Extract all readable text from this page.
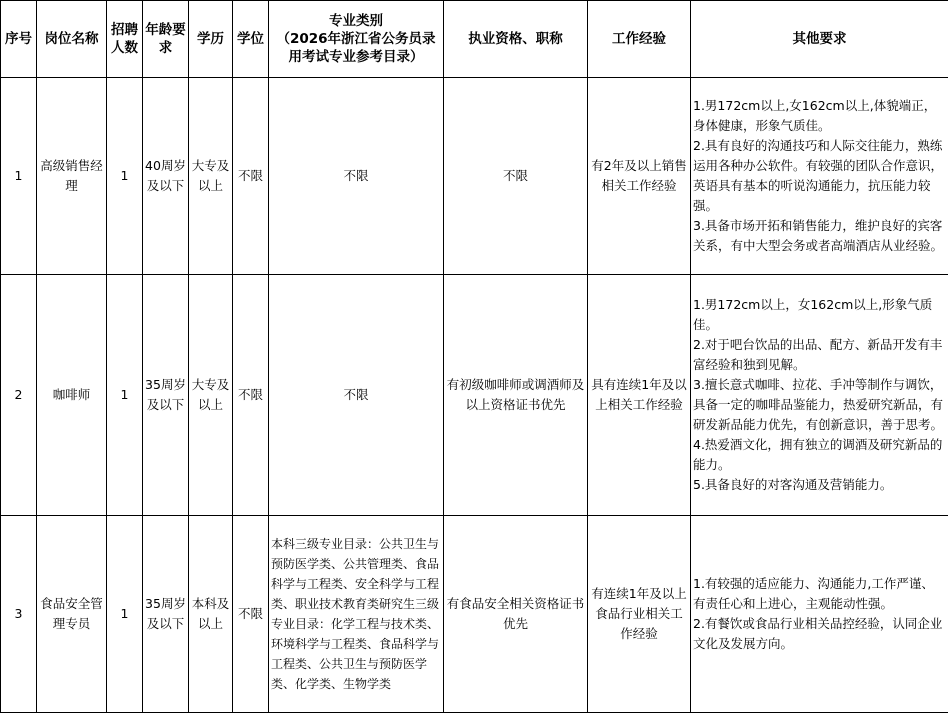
序号	岗位名称	招聘人数	年龄要求	学历	学位	专业类别
（2026年浙江省公务员录用考试专业参考目录）	执业资格、职称	工作经验	其他要求
1	高级销售经理	1	40周岁及以下	大专及以上	不限	不限	不限	有2年及以上销售相关工作经验	1.男172cm以上,女162cm以上,体貌端正，身体健康，形象气质佳。
2.具有良好的沟通技巧和人际交往能力，熟练运用各种办公软件。有较强的团队合作意识，英语具有基本的听说沟通能力，抗压能力较强。
3.具备市场开拓和销售能力，维护良好的宾客关系，有中大型会务或者高端酒店从业经验。

2	咖啡师	1	35周岁及以下	大专及以上	不限	不限	有初级咖啡师或调酒师及以上资格证书优先	具有连续1年及以上相关工作经验	1.男172cm以上，女162cm以上,形象气质佳。
2.对于吧台饮品的出品、配方、新品开发有丰富经验和独到见解。
3.擅长意式咖啡、拉花、手冲等制作与调饮，具备一定的咖啡品鉴能力，热爱研究新品，有研发新品能力优先，有创新意识，善于思考。
4.热爱酒文化，拥有独立的调酒及研究新品的能力。
5.具备良好的对客沟通及营销能力。

3	食品安全管理专员	1	35周岁及以下	本科及以上	不限	本科三级专业目录：公共卫生与预防医学类、公共管理类、食品科学与工程类、安全科学与工程类、职业技术教育类研究生三级专业目录：化学工程与技术类、环境科学与工程类、食品科学与工程类、公共卫生与预防医学类、化学类、生物学类	有食品安全相关资格证书优先	有连续1年及以上食品行业相关工作经验	1.有较强的适应能力、沟通能力,工作严谨、有责任心和上进心，主观能动性强。
2.有餐饮或食品行业相关品控经验，认同企业文化及发展方向。
